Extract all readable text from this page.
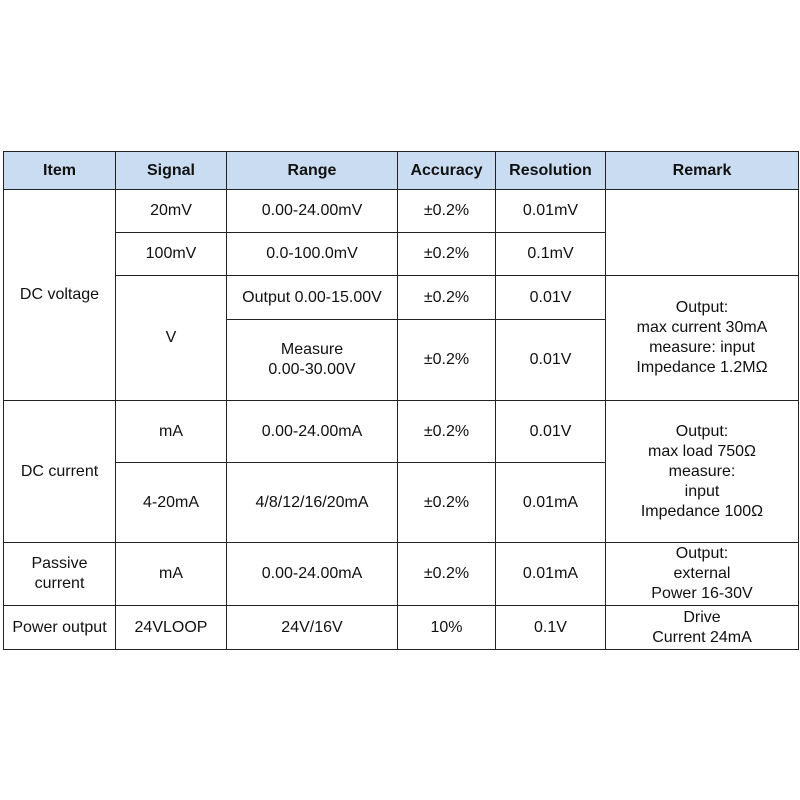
Item	Signal	Range	Accuracy	Resolution	Remark
DC voltage	20mV	0.00-24.00mV	±0.2%	0.01mV	
	100mV	0.0-100.0mV	±0.2%	0.1mV	
	V	Output 0.00-15.00V	±0.2%	0.01V	Output:
max current 30mA
measure: input
Impedance 1.2MΩ
		Measure
0.00-30.00V	±0.2%	0.01V	
DC current	mA	0.00-24.00mA	±0.2%	0.01V	Output:
max load 750Ω
measure:
input
Impedance 100Ω

	4-20mA	4/8/12/16/20mA	±0.2%	0.01mA	
Passive
current	mA	0.00-24.00mA	±0.2%	0.01mA	Output:
external
Power 16-30V
Power output	24VLOOP	24V/16V	10%	0.1V	Drive
Current 24mA
